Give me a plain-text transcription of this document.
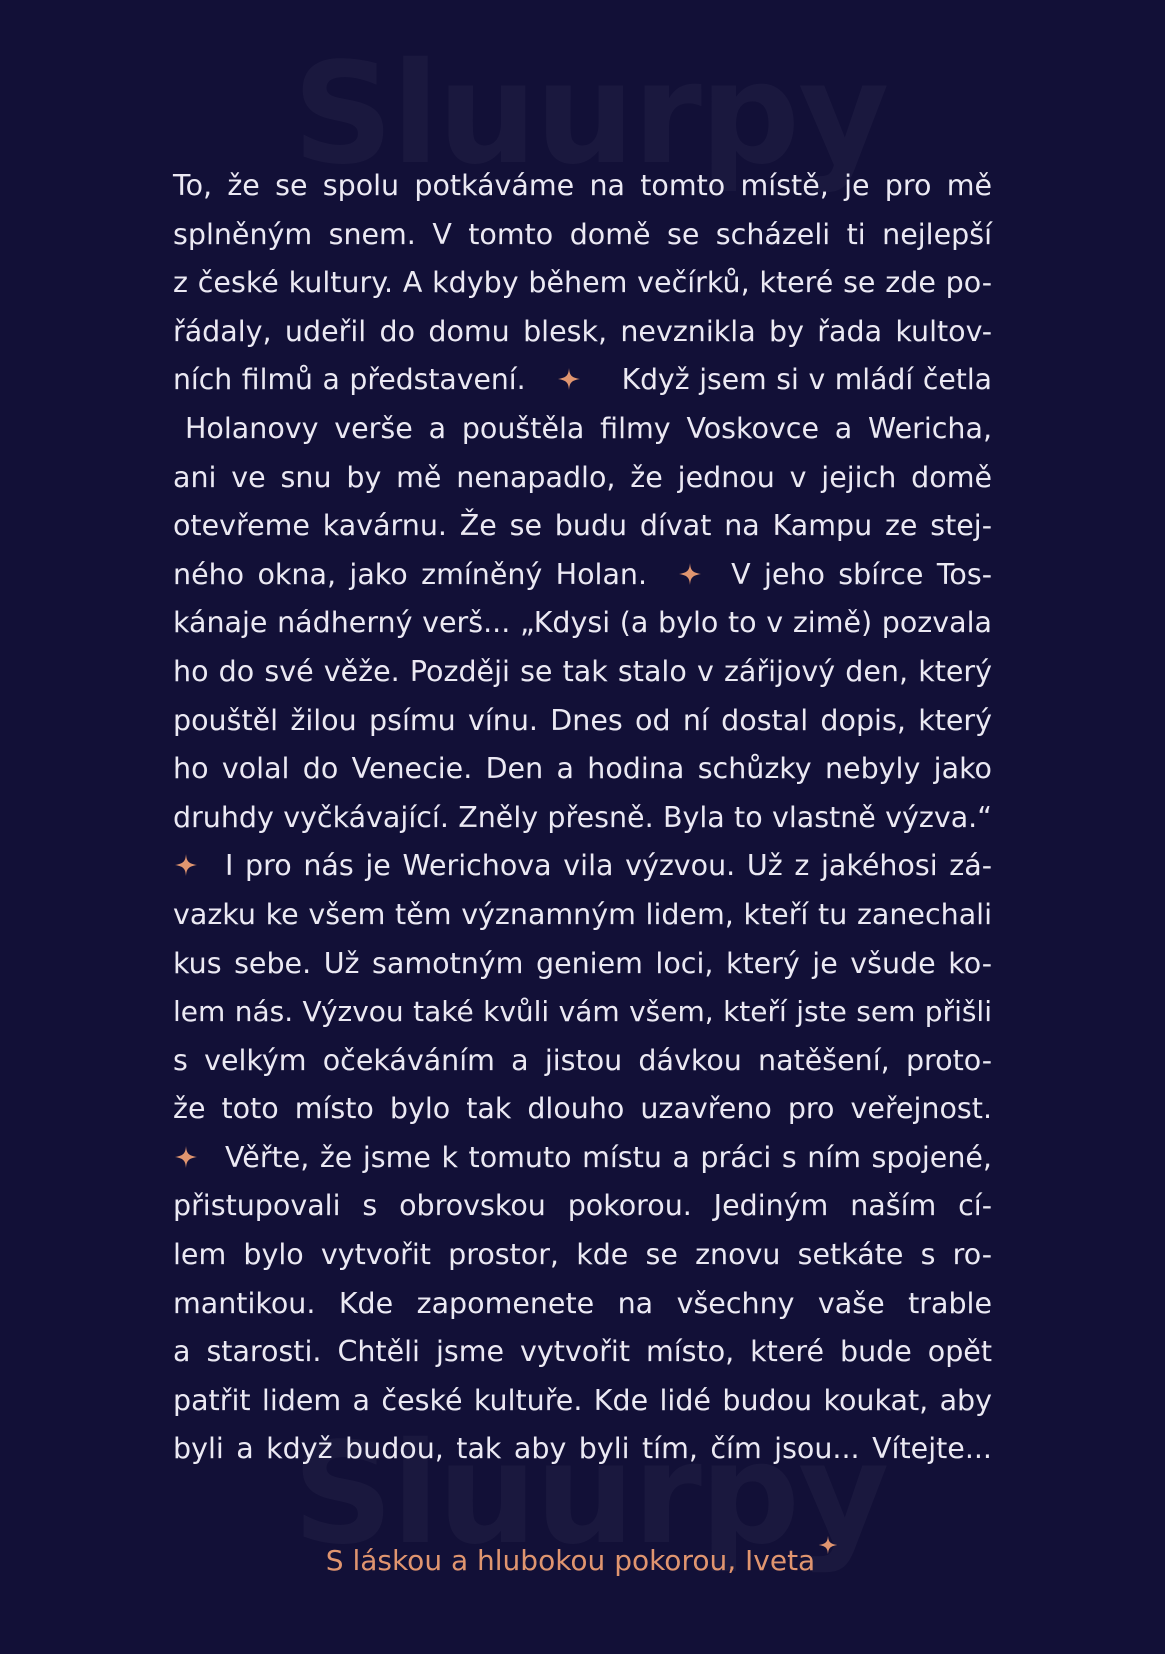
To, že se spolu potkáváme na tomto místě, je pro mě
splněným snem. V tomto domě se scházeli ti nejlepší
z české kultury. A kdyby během večírků, které se zde po-
řádaly, udeřil do domu blesk, nevznikla by řada kultov-
ních filmů a představení.	Když jsem si v mládí četla
Holanovy verše a pouštěla filmy Voskovce a Wericha,
ani ve snu by mě nenapadlo, že jednou v jejich domě
otevřeme kavárnu. Že se budu dívat na Kampu ze stej-
ného okna, jako zmíněný Holan.	V jeho sbírce Tos-
kánaje nádherný verš... „Kdysi (a bylo to v zimě) pozvala
ho do své věže. Později se tak stalo v zářijový den, který
pouštěl žilou psímu vínu. Dnes od ní dostal dopis, který
ho volal do Venecie. Den a hodina schůzky nebyly jako
druhdy vyčkávající. Zněly přesně. Byla to vlastně výzva.“
I pro nás je Werichova vila výzvou. Už z jakéhosi zá-
vazku ke všem těm významným lidem, kteří tu zanechali
kus sebe. Už samotným geniem loci, který je všude ko-
lem nás. Výzvou také kvůli vám všem, kteří jste sem přišli
s velkým očekáváním a jistou dávkou natěšení, proto-
že toto místo bylo tak dlouho uzavřeno pro veřejnost.
Věřte, že jsme k tomuto místu a práci s ním spojené,
přistupovali s obrovskou pokorou. Jediným naším cí-
lem bylo vytvořit prostor, kde se znovu setkáte s ro-
mantikou. Kde zapomenete na všechny vaše trable
a starosti. Chtěli jsme vytvořit místo, které bude opět
patřit lidem a české kultuře. Kde lidé budou koukat, aby
byli a když budou, tak aby byli tím, čím jsou... Vítejte...
S láskou a hlubokou pokorou, Iveta
